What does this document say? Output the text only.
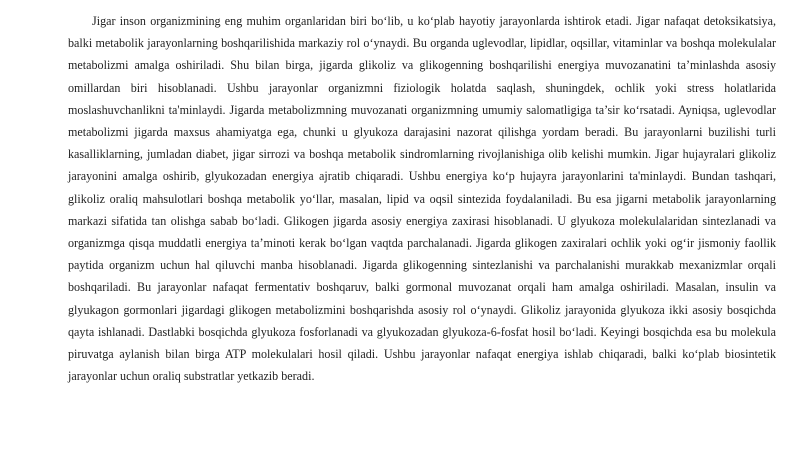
Jigar inson organizmining eng muhim organlaridan biri bo‘lib, u ko‘plab hayotiy jarayonlarda ishtirok etadi. Jigar nafaqat detoksikatsiya, balki metabolik jarayonlarning boshqarilishida markaziy rol o‘ynaydi. Bu organda uglevodlar, lipidlar, oqsillar, vitaminlar va boshqa molekulalar metabolizmi amalga oshiriladi. Shu bilan birga, jigarda glikoliz va glikogenning boshqarilishi energiya muvozanatini ta’minlashda asosiy omillardan biri hisoblanadi. Ushbu jarayonlar organizmni fiziologik holatda saqlash, shuningdek, ochlik yoki stress holatlarida moslashuvchanlikni ta'minlaydi. Jigarda metabolizmning muvozanati organizmning umumiy salomatligiga ta’sir ko‘rsatadi. Ayniqsa, uglevodlar metabolizmi jigarda maxsus ahamiyatga ega, chunki u glyukoza darajasini nazorat qilishga yordam beradi. Bu jarayonlarni buzilishi turli kasalliklarning, jumladan diabet, jigar sirrozi va boshqa metabolik sindromlarning rivojlanishiga olib kelishi mumkin. Jigar hujayralari glikoliz jarayonini amalga oshirib, glyukozadan energiya ajratib chiqaradi. Ushbu energiya ko‘p hujayra jarayonlarini ta'minlaydi. Bundan tashqari, glikoliz oraliq mahsulotlari boshqa metabolik yo‘llar, masalan, lipid va oqsil sintezida foydalaniladi. Bu esa jigarni metabolik jarayonlarning markazi sifatida tan olishga sabab bo‘ladi. Glikogen jigarda asosiy energiya zaxirasi hisoblanadi. U glyukoza molekulalaridan sintezlanadi va organizmga qisqa muddatli energiya ta’minoti kerak bo‘lgan vaqtda parchalanadi. Jigarda glikogen zaxiralari ochlik yoki og‘ir jismoniy faollik paytida organizm uchun hal qiluvchi manba hisoblanadi. Jigarda glikogenning sintezlanishi va parchalanishi murakkab mexanizmlar orqali boshqariladi. Bu jarayonlar nafaqat fermentativ boshqaruv, balki gormonal muvozanat orqali ham amalga oshiriladi. Masalan, insulin va glyukagon gormonlari jigardagi glikogen metabolizmini boshqarishda asosiy rol o‘ynaydi. Glikoliz jarayonida glyukoza ikki asosiy bosqichda qayta ishlanadi. Dastlabki bosqichda glyukoza fosforlanadi va glyukozadan glyukoza-6-fosfat hosil bo‘ladi. Keyingi bosqichda esa bu molekula piruvatga aylanish bilan birga ATP molekulalari hosil qiladi. Ushbu jarayonlar nafaqat energiya ishlab chiqaradi, balki ko‘plab biosintetik jarayonlar uchun oraliq substratlar yetkazib beradi.
